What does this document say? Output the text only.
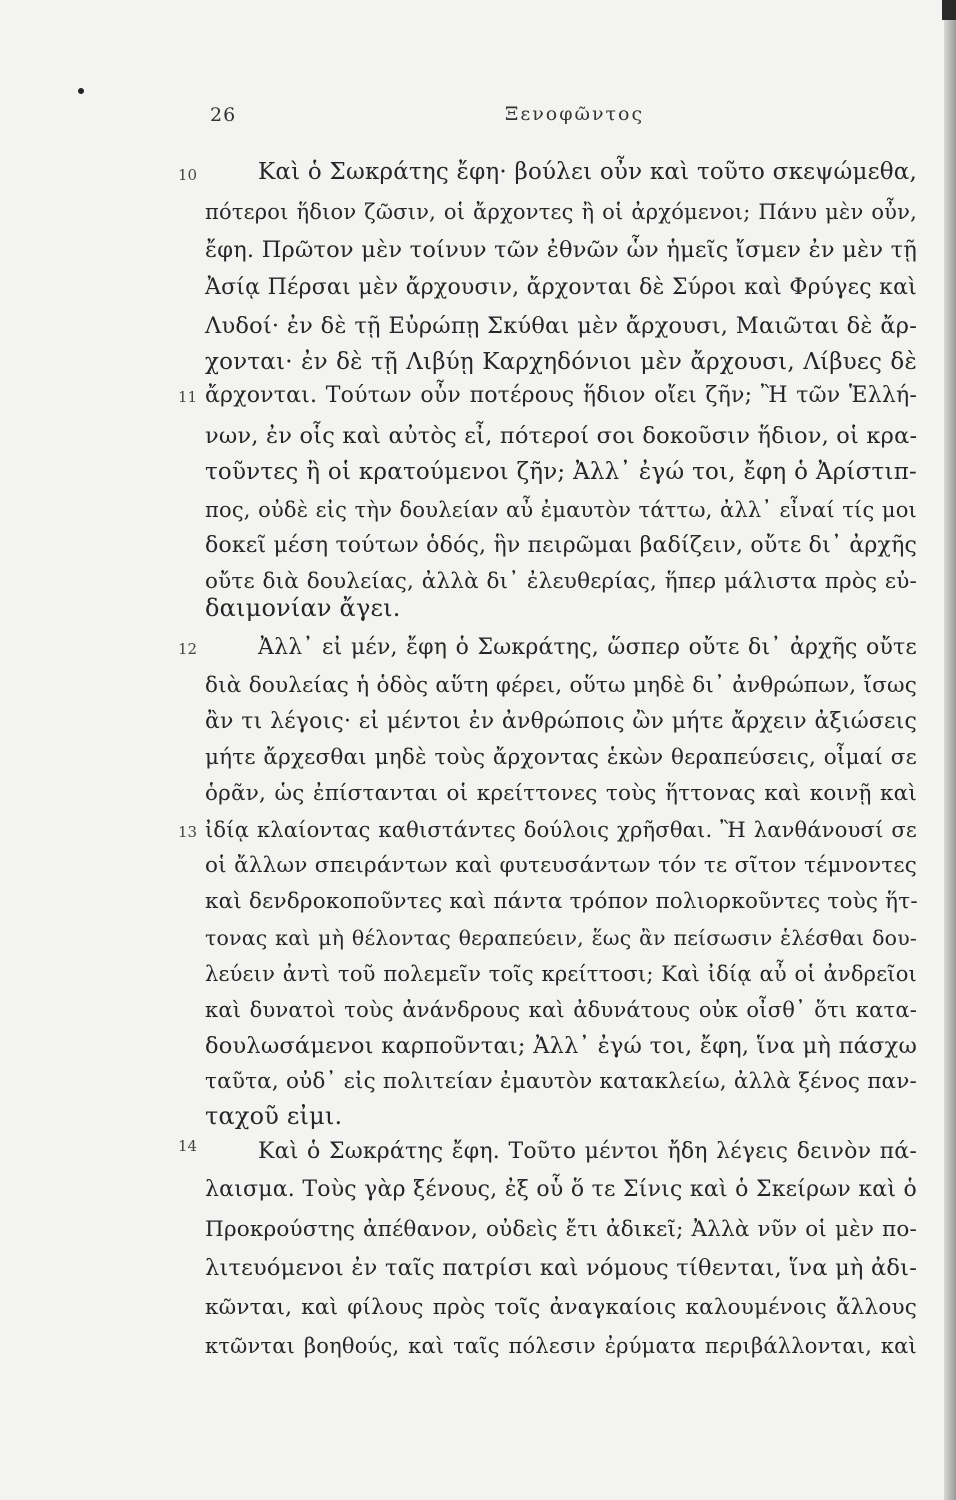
26	Ξενοφῶντος
10
11
12
13
14
Καὶ ὁ Σωκράτης ἔφη· βούλει οὖν καὶ τοῦτο σκεψώμεθα,
πότεροι ἥδιον ζῶσιν, οἱ ἄρχοντες ἢ οἱ ἀρχόμενοι; Πάνυ μὲν οὖν,
ἔφη. Πρῶτον μὲν τοίνυν τῶν ἐθνῶν ὧν ἡμεῖς ἴσμεν ἐν μὲν τῇ
Ἀσίᾳ Πέρσαι μὲν ἄρχουσιν, ἄρχονται δὲ Σύροι καὶ Φρύγες καὶ
Λυδοί· ἐν δὲ τῇ Εὐρώπῃ Σκύθαι μὲν ἄρχουσι, Μαιῶται δὲ ἄρ-
χονται· ἐν δὲ τῇ Λιβύῃ Καρχηδόνιοι μὲν ἄρχουσι, Λίβυες δὲ
ἄρχονται. Τούτων οὖν ποτέρους ἥδιον οἴει ζῆν; Ἢ τῶν Ἑλλή-
νων, ἐν οἷς καὶ αὐτὸς εἶ, πότεροί σοι δοκοῦσιν ἥδιον, οἱ κρα-
τοῦντες ἢ οἱ κρατούμενοι ζῆν; Ἀλλ᾽ ἐγώ τοι, ἔφη ὁ Ἀρίστιπ-
πος, οὐδὲ εἰς τὴν δουλείαν αὖ ἐμαυτὸν τάττω, ἀλλ᾽ εἶναί τίς μοι
δοκεῖ μέση τούτων ὁδός, ἣν πειρῶμαι βαδίζειν, οὔτε δι᾽ ἀρχῆς
οὔτε διὰ δουλείας, ἀλλὰ δι᾽ ἐλευθερίας, ἥπερ μάλιστα πρὸς εὐ-
δαιμονίαν ἄγει.
Ἀλλ᾽ εἰ μέν, ἔφη ὁ Σωκράτης, ὥσπερ οὔτε δι᾽ ἀρχῆς οὔτε
διὰ δουλείας ἡ ὁδὸς αὕτη φέρει, οὕτω μηδὲ δι᾽ ἀνθρώπων, ἴσως
ἂν τι λέγοις· εἰ μέντοι ἐν ἀνθρώποις ὢν μήτε ἄρχειν ἀξιώσεις
μήτε ἄρχεσθαι μηδὲ τοὺς ἄρχοντας ἑκὼν θεραπεύσεις, οἶμαί σε
ὁρᾶν, ὡς ἐπίστανται οἱ κρείττονες τοὺς ἥττονας καὶ κοινῇ καὶ
ἰδίᾳ κλαίοντας καθιστάντες δούλοις χρῆσθαι. Ἢ λανθάνουσί σε
οἱ ἄλλων σπειράντων καὶ φυτευσάντων τόν τε σῖτον τέμνοντες
καὶ δενδροκοποῦντες καὶ πάντα τρόπον πολιορκοῦντες τοὺς ἥτ-
τονας καὶ μὴ θέλοντας θεραπεύειν, ἕως ἂν πείσωσιν ἑλέσθαι δου-
λεύειν ἀντὶ τοῦ πολεμεῖν τοῖς κρείττοσι; Καὶ ἰδίᾳ αὖ οἱ ἀνδρεῖοι
καὶ δυνατοὶ τοὺς ἀνάνδρους καὶ ἀδυνάτους οὐκ οἶσθ᾽ ὅτι κατα-
δουλωσάμενοι καρποῦνται; Ἀλλ᾽ ἐγώ τοι, ἔφη, ἵνα μὴ πάσχω
ταῦτα, οὐδ᾽ εἰς πολιτείαν ἐμαυτὸν κατακλείω, ἀλλὰ ξένος παν-
ταχοῦ εἰμι.
Καὶ ὁ Σωκράτης ἔφη. Τοῦτο μέντοι ἤδη λέγεις δεινὸν πά-
λαισμα. Τοὺς γὰρ ξένους, ἐξ οὗ ὅ τε Σίνις καὶ ὁ Σκείρων καὶ ὁ
Προκρούστης ἀπέθανον, οὐδεὶς ἔτι ἀδικεῖ; Ἀλλὰ νῦν οἱ μὲν πο-
λιτευόμενοι ἐν ταῖς πατρίσι καὶ νόμους τίθενται, ἵνα μὴ ἀδι-
κῶνται, καὶ φίλους πρὸς τοῖς ἀναγκαίοις καλουμένοις ἄλλους
κτῶνται βοηθούς, καὶ ταῖς πόλεσιν ἐρύματα περιβάλλονται, καὶ
